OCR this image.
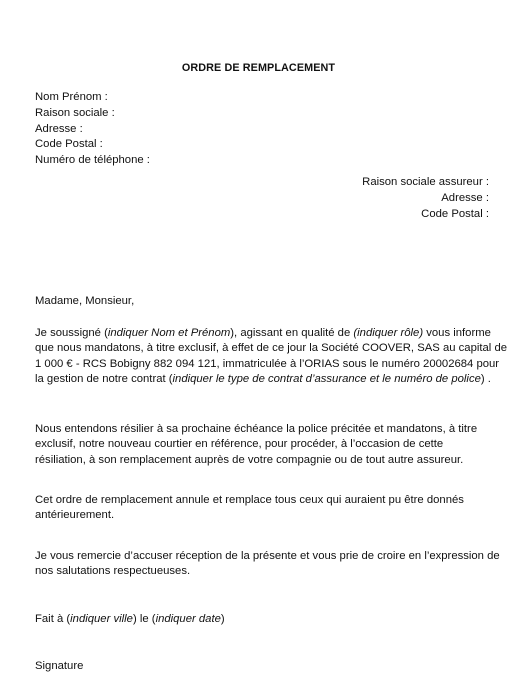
ORDRE DE REMPLACEMENT
Nom Prénom :
Raison sociale :
Adresse :
Code Postal :
Numéro de téléphone :
Raison sociale assureur :
Adresse :
Code Postal :
Madame, Monsieur,
Je soussigné (indiquer Nom et Prénom), agissant en qualité de (indiquer rôle) vous informe
que nous mandatons, à titre exclusif, à effet de ce jour la Société COOVER, SAS au capital de
1 000 € - RCS Bobigny 882 094 121, immatriculée à l’ORIAS sous le numéro 20002684 pour
la gestion de notre contrat (indiquer le type de contrat d’assurance et le numéro de police) .
Nous entendons résilier à sa prochaine échéance la police précitée et mandatons, à titre
exclusif, notre nouveau courtier en référence, pour procéder, à l’occasion de cette
résiliation, à son remplacement auprès de votre compagnie ou de tout autre assureur.
Cet ordre de remplacement annule et remplace tous ceux qui auraient pu être donnés
antérieurement.
Je vous remercie d’accuser réception de la présente et vous prie de croire en l’expression de
nos salutations respectueuses.
Fait à (indiquer ville) le (indiquer date)
Signature
